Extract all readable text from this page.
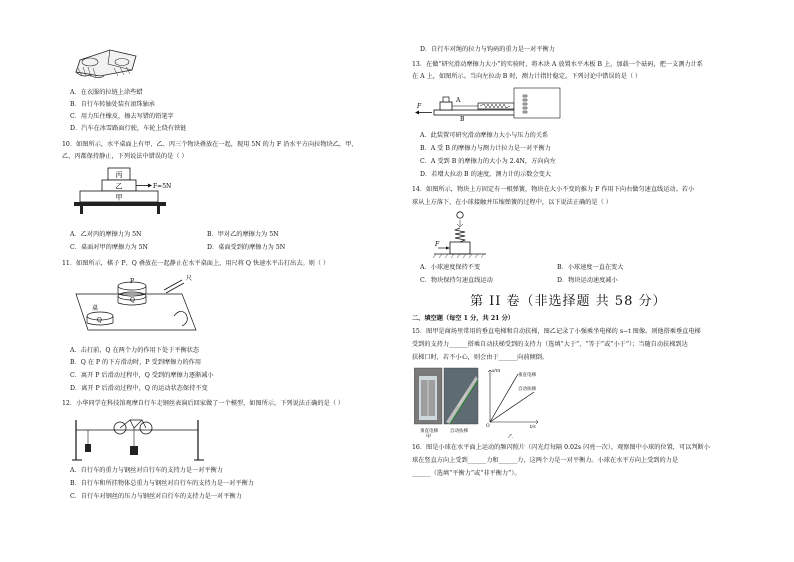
A．在衣服的拉链上涂些蜡
B．自行车转轴处装有滚珠轴承
C．用力压住橡皮，擦去写错的铅笔字
D．汽车在冰雪路面行驶，车轮上绕有铁链
10．如图所示，水平桌面上有甲、乙、丙三个物块叠放在一起，现用 5N 的力 F 沿水平方向拉物块乙，甲、
乙、丙都保持静止，下列说法中错误的是（ ）
丙
乙
甲
F=5N
A．乙对丙的摩擦力为 5N	B．甲对乙的摩擦力为 5N
C．桌面对甲的摩擦力为 5N	D．桌面受到的摩擦力为 5N
11．如图所示，棋子 P、Q 叠放在一起静止在水平桌面上，用尺将 Q 快速水平击打出去。则（ ）
P
Q
Q
尺
桌
A．击打前，Q 在两个力的作用下处于平衡状态
B．Q 在 P 的下方滑动时，P 受到摩擦力的作用
C．离开 P 后滑动过程中，Q 受到的摩擦力逐渐减小
D．离开 P 后滑动过程中，Q 的运动状态保持不变
12．小华同学在科技馆观摩自行车走钢丝表演后回家做了一个模型，如图所示，下列说法正确的是（ ）
A．自行车的重力与钢丝对自行车的支持力是一对平衡力
B．自行车和所挂物体总重力与钢丝对自行车的支持力是一对平衡力
C．自行车对钢丝的压力与钢丝对自行车的支持力是一对平衡力
D．自行车对绳的拉力与钩码的重力是一对平衡力
13．在做“研究滑动摩擦力大小”的实验时，将木块 A 放置水平木板 B 上，加载一个砝码，把一支测力计系
在 A 上，如图所示。当向左拉动 B 时，测力计指针稳定。下列讨论中错误的是（ ）
F
A
B
A．此装置可研究滑动摩擦力大小与压力的关系
B．A 受 B 的摩擦力与测力计拉力是一对平衡力
C．A 受到 B 的摩擦力的大小为 2.4N，方向向左
D．若增大拉动 B 的速度，测力计的示数会变大
14．如图所示，物块上方固定有一根弹簧，物块在大小不变的推力 F 作用下向右做匀速直线运动。若小
球从上方落下，在小球接触并压缩弹簧的过程中，以下说法正确的是（ ）
F
A．小球速度保持不变	B．小球速度一直在变大
C．物块保持匀速直线运动	D．物块运动速度减小
第 II 卷（非选择题 共 58 分）
二、填空题（每空 1 分，共 21 分）
15．图甲是商场里常用的垂直电梯和自动扶梯，图乙记录了小强乘坐电梯的 s−t 图像。则他搭乘垂直电梯
受到的支持力______搭乘自动扶梯受到的支持力（选填“大于”、“等于”或“小于”）；当随自动扶梯到达
扶梯口时，若不小心，则会由于______向前倾倒。
垂直电梯	自动扶梯
垂直电梯
自动扶梯
s/m
t/s
O
甲	乙
16．图是小球在水平面上运动的频闪照片（闪光灯每隔 0.02s 闪亮一次），观察图中小球的位置，可以判断小
球在竖直方向上受到______力和______力，这两个力是一对平衡力。小球在水平方向上受到的力是
______（选填“平衡力”或“非平衡力”）。
